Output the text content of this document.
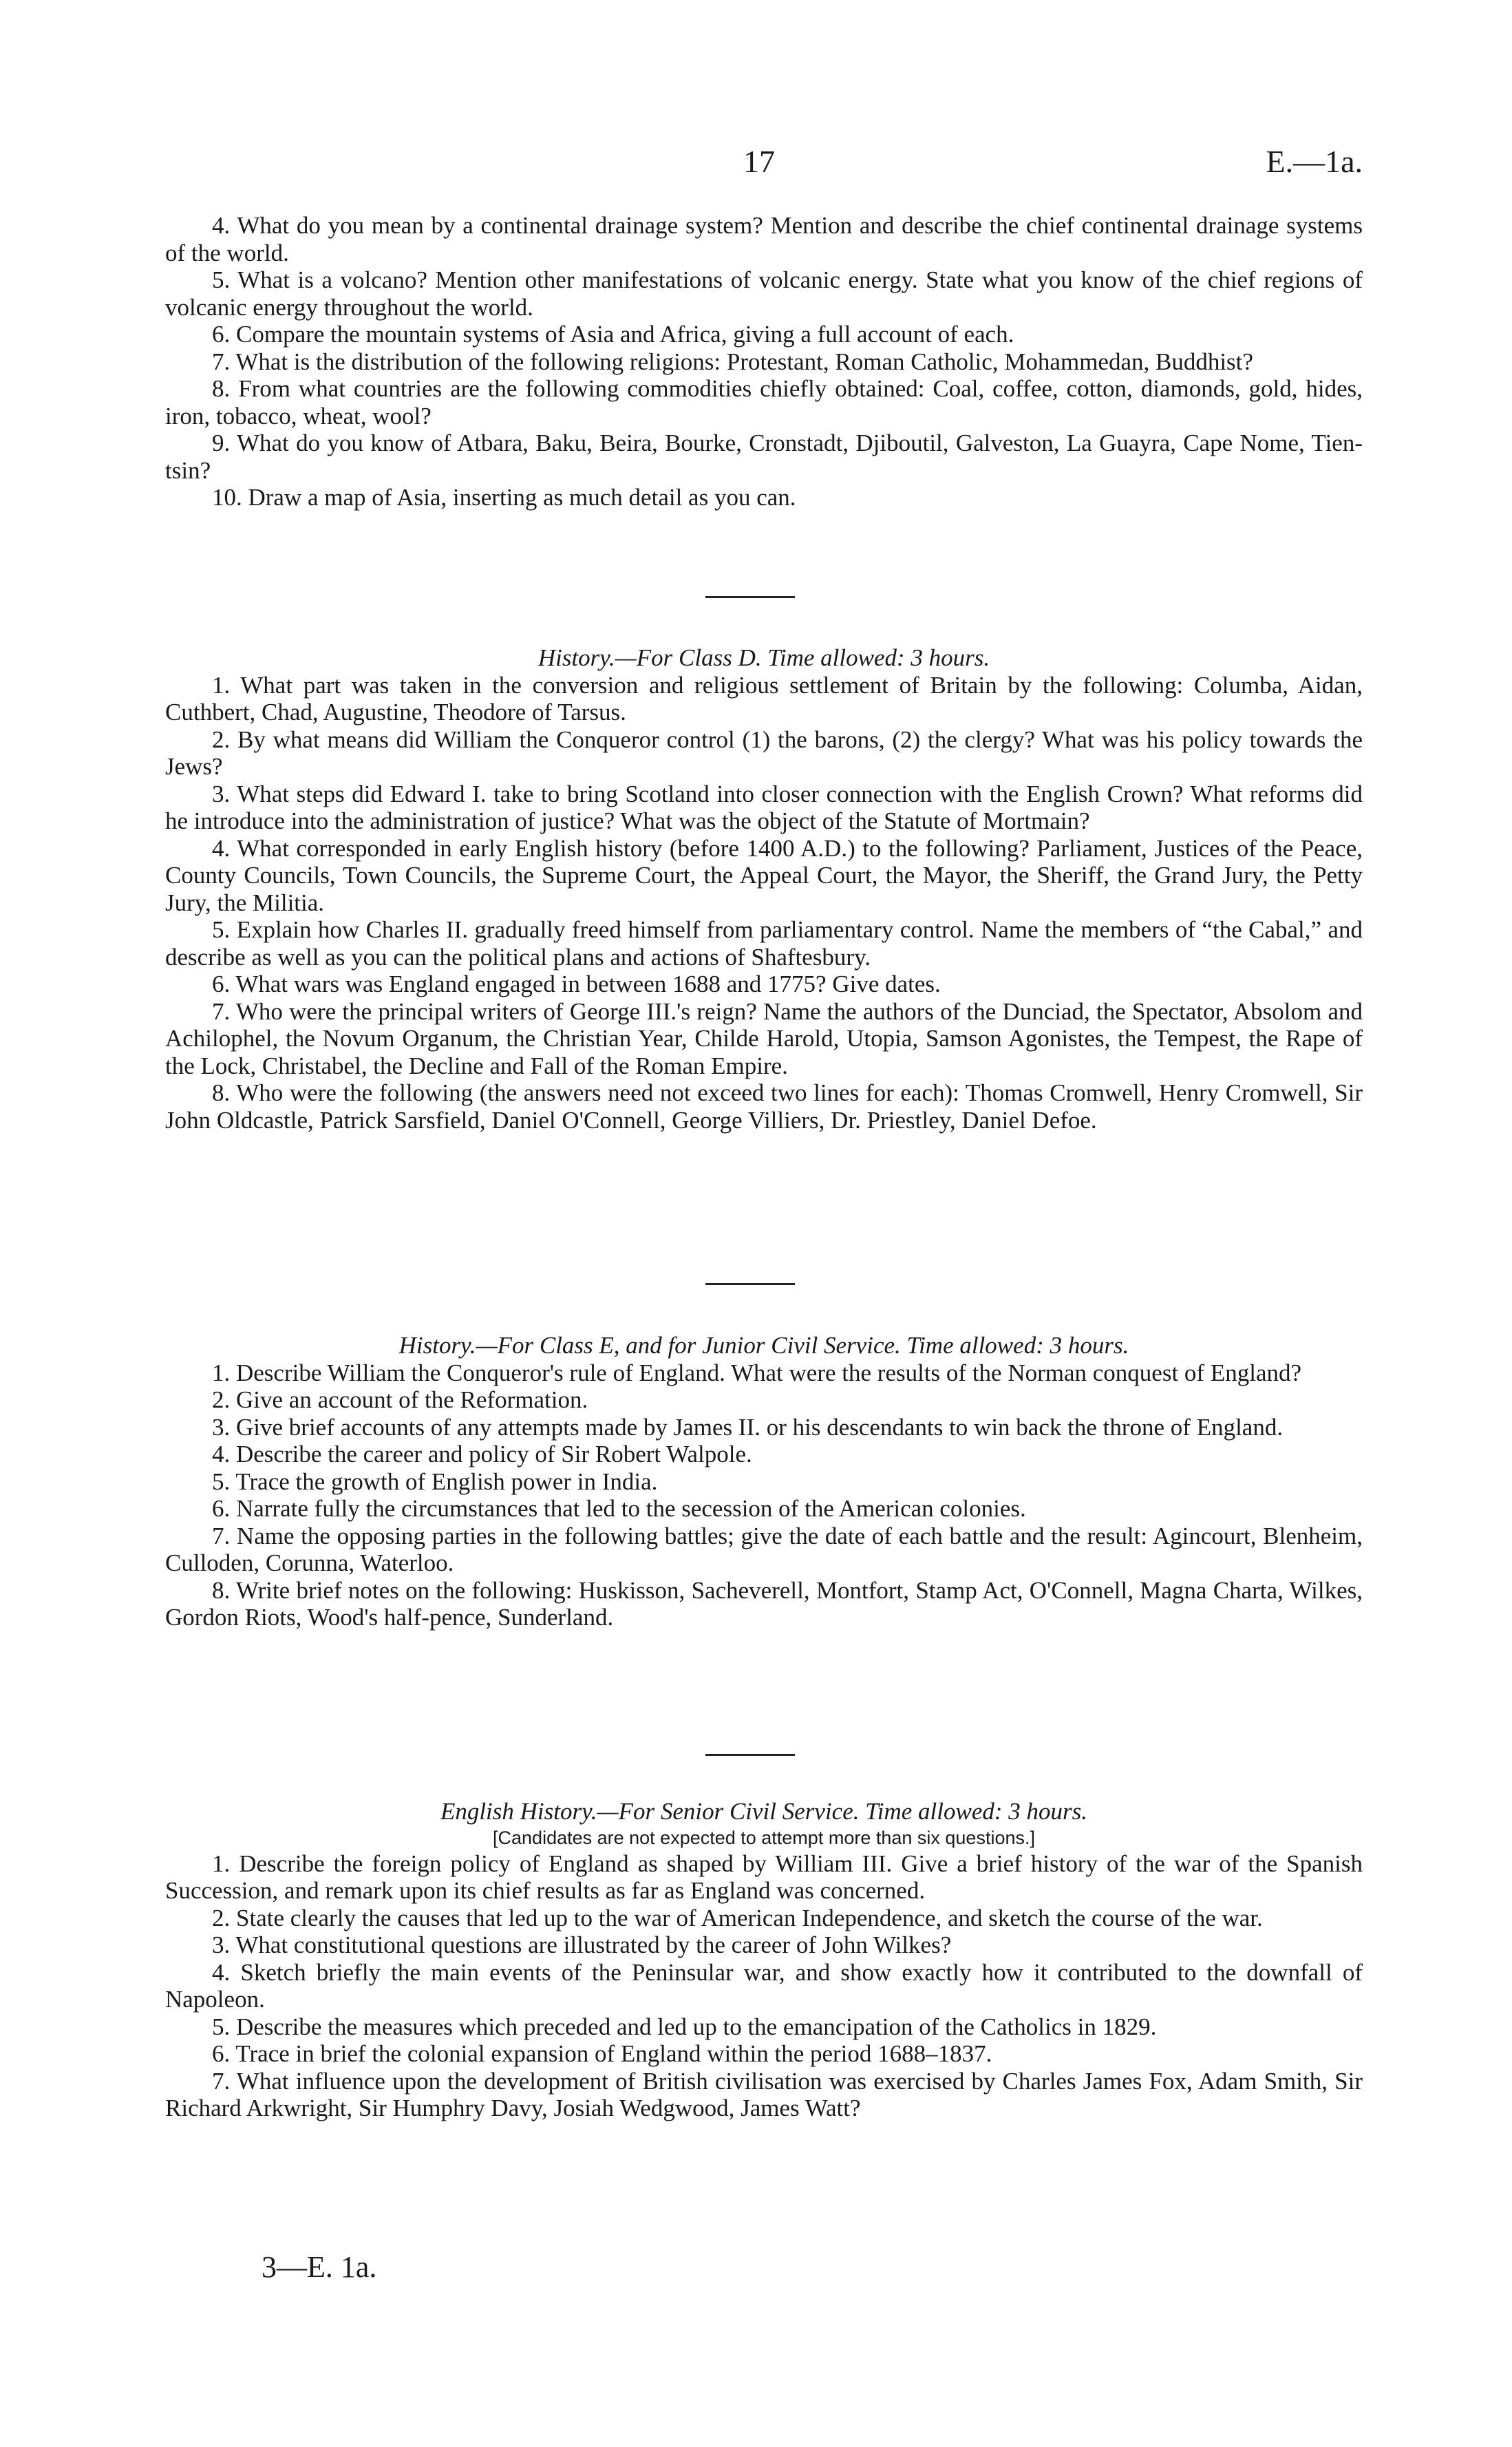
17	E.—1a.

4. What do you mean by a continental drainage system? Mention and describe the chief continental drainage systems of the world.

5. What is a volcano? Mention other manifestations of volcanic energy. State what you know of the chief regions of volcanic energy throughout the world.

6. Compare the mountain systems of Asia and Africa, giving a full account of each.

7. What is the distribution of the following religions: Protestant, Roman Catholic, Mohammedan, Buddhist?

8. From what countries are the following commodities chiefly obtained: Coal, coffee, cotton, diamonds, gold, hides, iron, tobacco, wheat, wool?

9. What do you know of Atbara, Baku, Beira, Bourke, Cronstadt, Djiboutil, Galveston, La Guayra, Cape Nome, Tien-tsin?

10. Draw a map of Asia, inserting as much detail as you can.

History.—For Class D. Time allowed: 3 hours.

1. What part was taken in the conversion and religious settlement of Britain by the following: Columba, Aidan, Cuthbert, Chad, Augustine, Theodore of Tarsus.

2. By what means did William the Conqueror control (1) the barons, (2) the clergy? What was his policy towards the Jews?

3. What steps did Edward I. take to bring Scotland into closer connection with the English Crown? What reforms did he introduce into the administration of justice? What was the object of the Statute of Mortmain?

4. What corresponded in early English history (before 1400 A.D.) to the following? Parliament, Justices of the Peace, County Councils, Town Councils, the Supreme Court, the Appeal Court, the Mayor, the Sheriff, the Grand Jury, the Petty Jury, the Militia.

5. Explain how Charles II. gradually freed himself from parliamentary control. Name the members of “the Cabal,” and describe as well as you can the political plans and actions of Shaftesbury.

6. What wars was England engaged in between 1688 and 1775? Give dates.

7. Who were the principal writers of George III.'s reign? Name the authors of the Dunciad, the Spectator, Absolom and Achilophel, the Novum Organum, the Christian Year, Childe Harold, Utopia, Samson Agonistes, the Tempest, the Rape of the Lock, Christabel, the Decline and Fall of the Roman Empire.

8. Who were the following (the answers need not exceed two lines for each): Thomas Cromwell, Henry Cromwell, Sir John Oldcastle, Patrick Sarsfield, Daniel O'Connell, George Villiers, Dr. Priestley, Daniel Defoe.

History.—For Class E, and for Junior Civil Service. Time allowed: 3 hours.

1. Describe William the Conqueror's rule of England. What were the results of the Norman conquest of England?

2. Give an account of the Reformation.

3. Give brief accounts of any attempts made by James II. or his descendants to win back the throne of England.

4. Describe the career and policy of Sir Robert Walpole.

5. Trace the growth of English power in India.

6. Narrate fully the circumstances that led to the secession of the American colonies.

7. Name the opposing parties in the following battles; give the date of each battle and the result: Agincourt, Blenheim, Culloden, Corunna, Waterloo.

8. Write brief notes on the following: Huskisson, Sacheverell, Montfort, Stamp Act, O'Connell, Magna Charta, Wilkes, Gordon Riots, Wood's half-pence, Sunderland.

English History.—For Senior Civil Service. Time allowed: 3 hours.

[Candidates are not expected to attempt more than six questions.]

1. Describe the foreign policy of England as shaped by William III. Give a brief history of the war of the Spanish Succession, and remark upon its chief results as far as England was concerned.

2. State clearly the causes that led up to the war of American Independence, and sketch the course of the war.

3. What constitutional questions are illustrated by the career of John Wilkes?

4. Sketch briefly the main events of the Peninsular war, and show exactly how it contributed to the downfall of Napoleon.

5. Describe the measures which preceded and led up to the emancipation of the Catholics in 1829.

6. Trace in brief the colonial expansion of England within the period 1688–1837.

7. What influence upon the development of British civilisation was exercised by Charles James Fox, Adam Smith, Sir Richard Arkwright, Sir Humphry Davy, Josiah Wedgwood, James Watt?

3—E. 1a.
